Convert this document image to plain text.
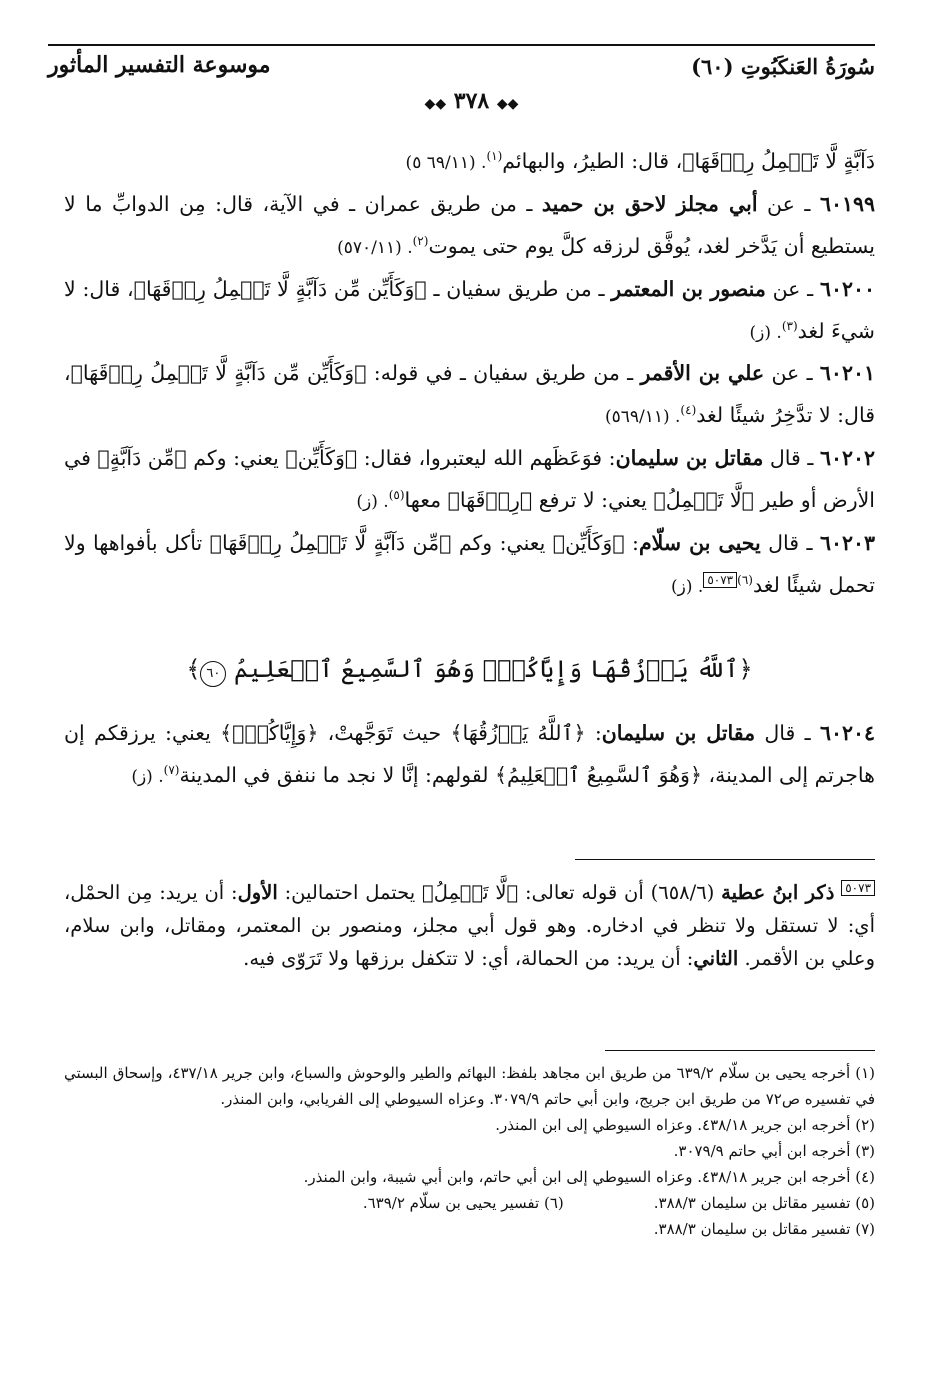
سُورَةُ العَنكَبُوتِ (٦٠)
موسوعة التفسير المأثور
◆◆ ٣٧٨ ◆◆

دَآبَّةٍ لَّا تَحۡمِلُ رِزۡقَهَا﴾، قال: الطيرُ، والبهائم$^{(١)}$. (٦٩/١١ ٥)

٦٠١٩٩ ـ عن أبي مجلز لاحق بن حميد ـ من طريق عمران ـ في الآية، قال: مِن الدوابِّ ما لا يستطيع أن يَدَّخر لغد، يُوفَّق لرزقه كلَّ يوم حتى يموت$^{(٢)}$. (٥٧٠/١١)

٦٠٢٠٠ ـ عن منصور بن المعتمر ـ من طريق سفيان ـ ﴿وَكَأَيِّن مِّن دَآبَّةٍ لَّا تَحۡمِلُ رِزۡقَهَا﴾، قال: لا شيءَ لغد$^{(٣)}$. (ز)

٦٠٢٠١ ـ عن علي بن الأقمر ـ من طريق سفيان ـ في قوله: ﴿وَكَأَيِّن مِّن دَآبَّةٍ لَّا تَحۡمِلُ رِزۡقَهَا﴾، قال: لا تدَّخِرُ شيئًا لغد$^{(٤)}$. (٥٦٩/١١)

٦٠٢٠٢ ـ قال مقاتل بن سليمان: فوَعَظَهم الله ليعتبروا، فقال: ﴿وَكَأَيِّن﴾ يعني: وكم ﴿مِّن دَآبَّةٍ﴾ في الأرض أو طير ﴿لَّا تَحۡمِلُ﴾ يعني: لا ترفع ﴿رِزۡقَهَا﴾ معها$^{(٥)}$. (ز)

٦٠٢٠٣ ـ قال يحيى بن سلّام: ﴿وَكَأَيِّن﴾ يعني: وكم ﴿مِّن دَآبَّةٍ لَّا تَحۡمِلُ رِزۡقَهَا﴾ تأكل بأفواهها ولا تحمل شيئًا لغد$^{(٦)}$٥٠٧٣. (ز)

﴿ٱللَّهُ يَرۡزُقُهَا وَإِيَّاكُمۡۚ وَهُوَ ٱلسَّمِيعُ ٱلۡعَلِيمُ ٦٠﴾

٦٠٢٠٤ ـ قال مقاتل بن سليمان: ﴿ٱللَّهُ يَرۡزُقُهَا﴾ حيث تَوَجَّهتْ، ﴿وَإِيَّاكُمۡۚ﴾ يعني: يرزقكم إن هاجرتم إلى المدينة، ﴿وَهُوَ ٱلسَّمِيعُ ٱلۡعَلِيمُ﴾ لقولهم: إنَّا لا نجد ما ننفق في المدينة$^{(٧)}$. (ز)

٥٠٧٣ ذكر ابنُ عطية (٦٥٨/٦) أن قوله تعالى: ﴿لَّا تَحۡمِلُ﴾ يحتمل احتمالين: الأول: أن يريد: مِن الحمْل، أي: لا تستقل ولا تنظر في ادخاره. وهو قول أبي مجلز، ومنصور بن المعتمر، ومقاتل، وابن سلام، وعلي بن الأقمر. الثاني: أن يريد: من الحمالة، أي: لا تتكفل برزقها ولا تَرَوّى فيه.

(١) أخرجه يحيى بن سلّام ٦٣٩/٢ من طريق ابن مجاهد بلفظ: البهائم والطير والوحوش والسباع، وابن جرير ٤٣٧/١٨، وإسحاق البستي في تفسيره ص٧٢ من طريق ابن جريج، وابن أبي حاتم ٣٠٧٩/٩. وعزاه السيوطي إلى الفريابي، وابن المنذر.

(٢) أخرجه ابن جرير ٤٣٨/١٨. وعزاه السيوطي إلى ابن المنذر.

(٣) أخرجه ابن أبي حاتم ٣٠٧٩/٩.

(٤) أخرجه ابن جرير ٤٣٨/١٨. وعزاه السيوطي إلى ابن أبي حاتم، وابن أبي شيبة، وابن المنذر.

(٥) تفسير مقاتل بن سليمان ٣٨٨/٣.
(٦) تفسير يحيى بن سلّام ٦٣٩/٢.

(٧) تفسير مقاتل بن سليمان ٣٨٨/٣.
